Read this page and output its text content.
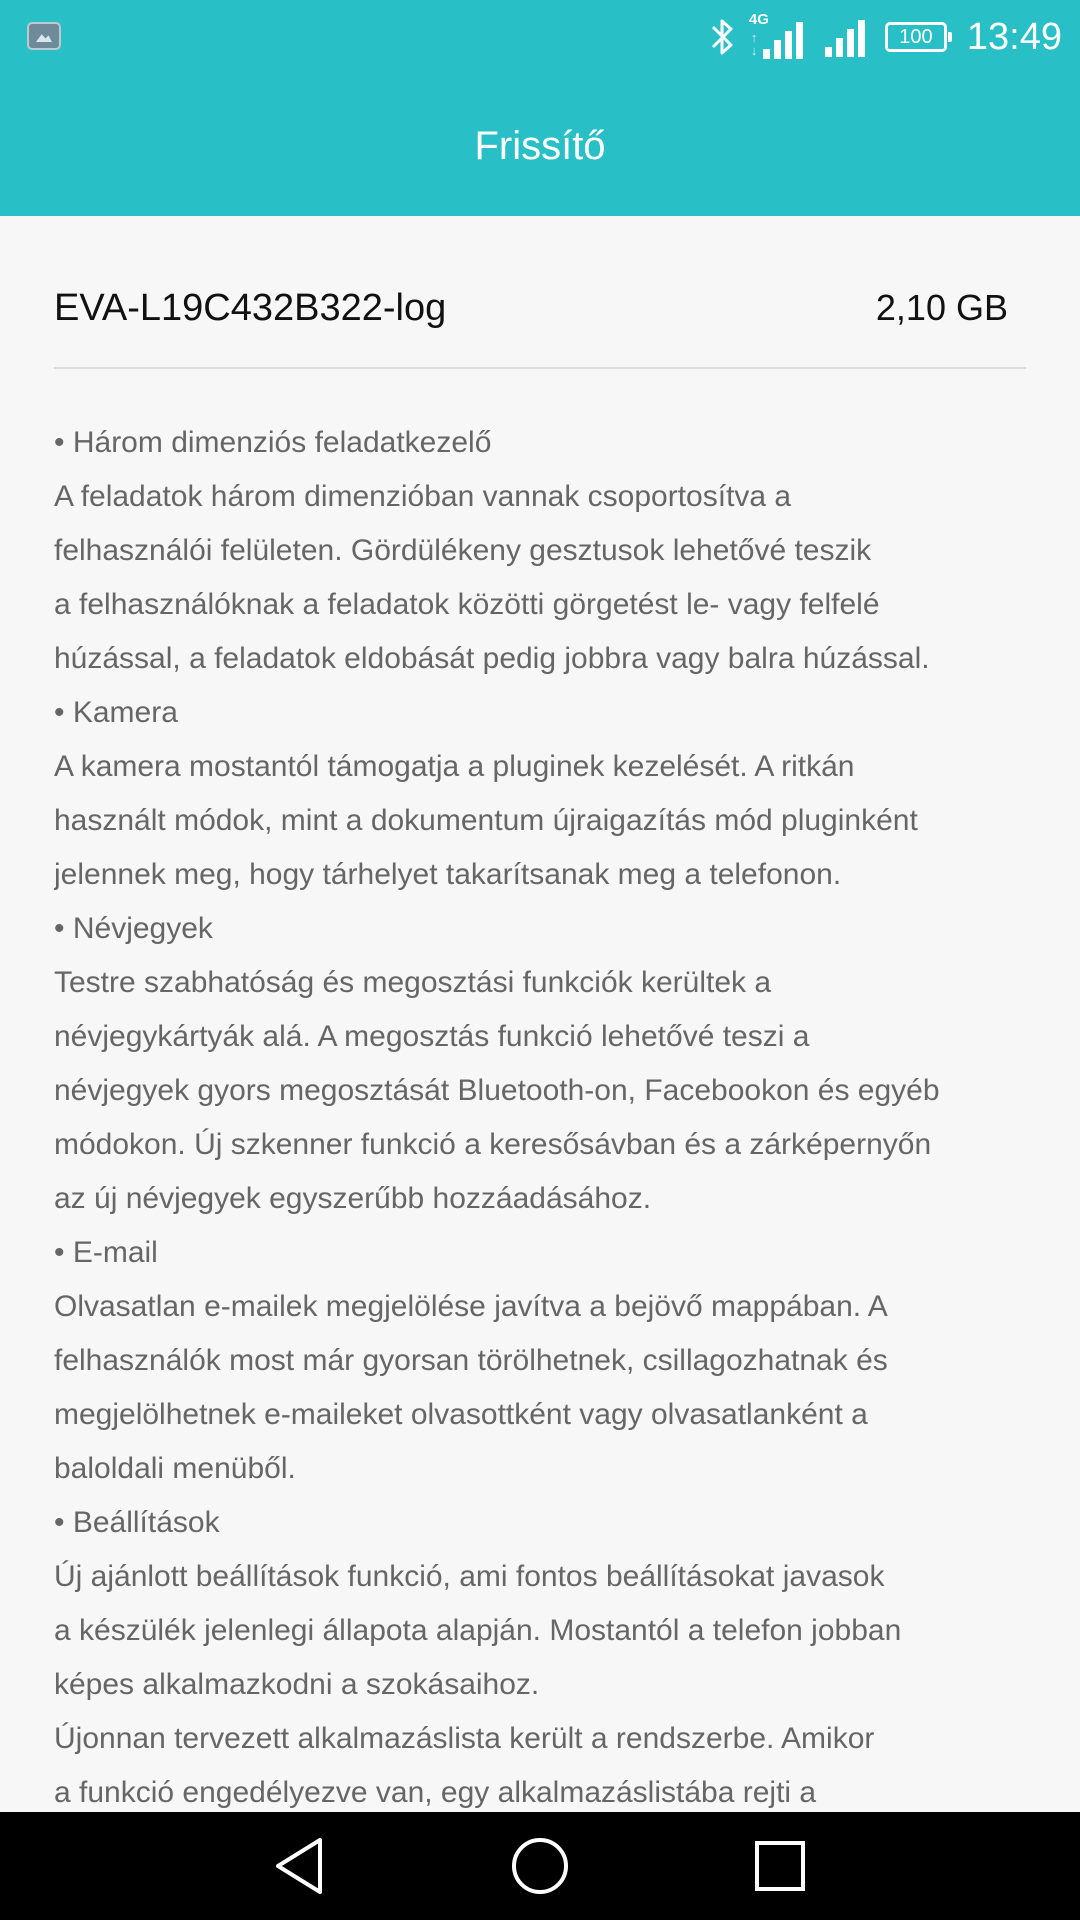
4G
↑
↓
100 13:49
Frissítő
EVA-L19C432B322-log	2,10 GB

• Három dimenziós feladatkezelő

A feladatok három dimenzióban vannak csoportosítva a

felhasználói felületen. Gördülékeny gesztusok lehetővé teszik

a felhasználóknak a feladatok közötti görgetést le- vagy felfelé

húzással, a feladatok eldobását pedig jobbra vagy balra húzással.

• Kamera

A kamera mostantól támogatja a pluginek kezelését. A ritkán

használt módok, mint a dokumentum újraigazítás mód pluginként

jelennek meg, hogy tárhelyet takarítsanak meg a telefonon.

• Névjegyek

Testre szabhatóság és megosztási funkciók kerültek a

névjegykártyák alá. A megosztás funkció lehetővé teszi a

névjegyek gyors megosztását Bluetooth-on, Facebookon és egyéb

módokon. Új szkenner funkció a keresősávban és a zárképernyőn

az új névjegyek egyszerűbb hozzáadásához.

• E-mail

Olvasatlan e-mailek megjelölése javítva a bejövő mappában. A

felhasználók most már gyorsan törölhetnek, csillagozhatnak és

megjelölhetnek e-maileket olvasottként vagy olvasatlanként a

baloldali menüből.

• Beállítások

Új ajánlott beállítások funkció, ami fontos beállításokat javasok

a készülék jelenlegi állapota alapján. Mostantól a telefon jobban

képes alkalmazkodni a szokásaihoz.

Újonnan tervezett alkalmazáslista került a rendszerbe. Amikor

a funkció engedélyezve van, egy alkalmazáslistába rejti a
